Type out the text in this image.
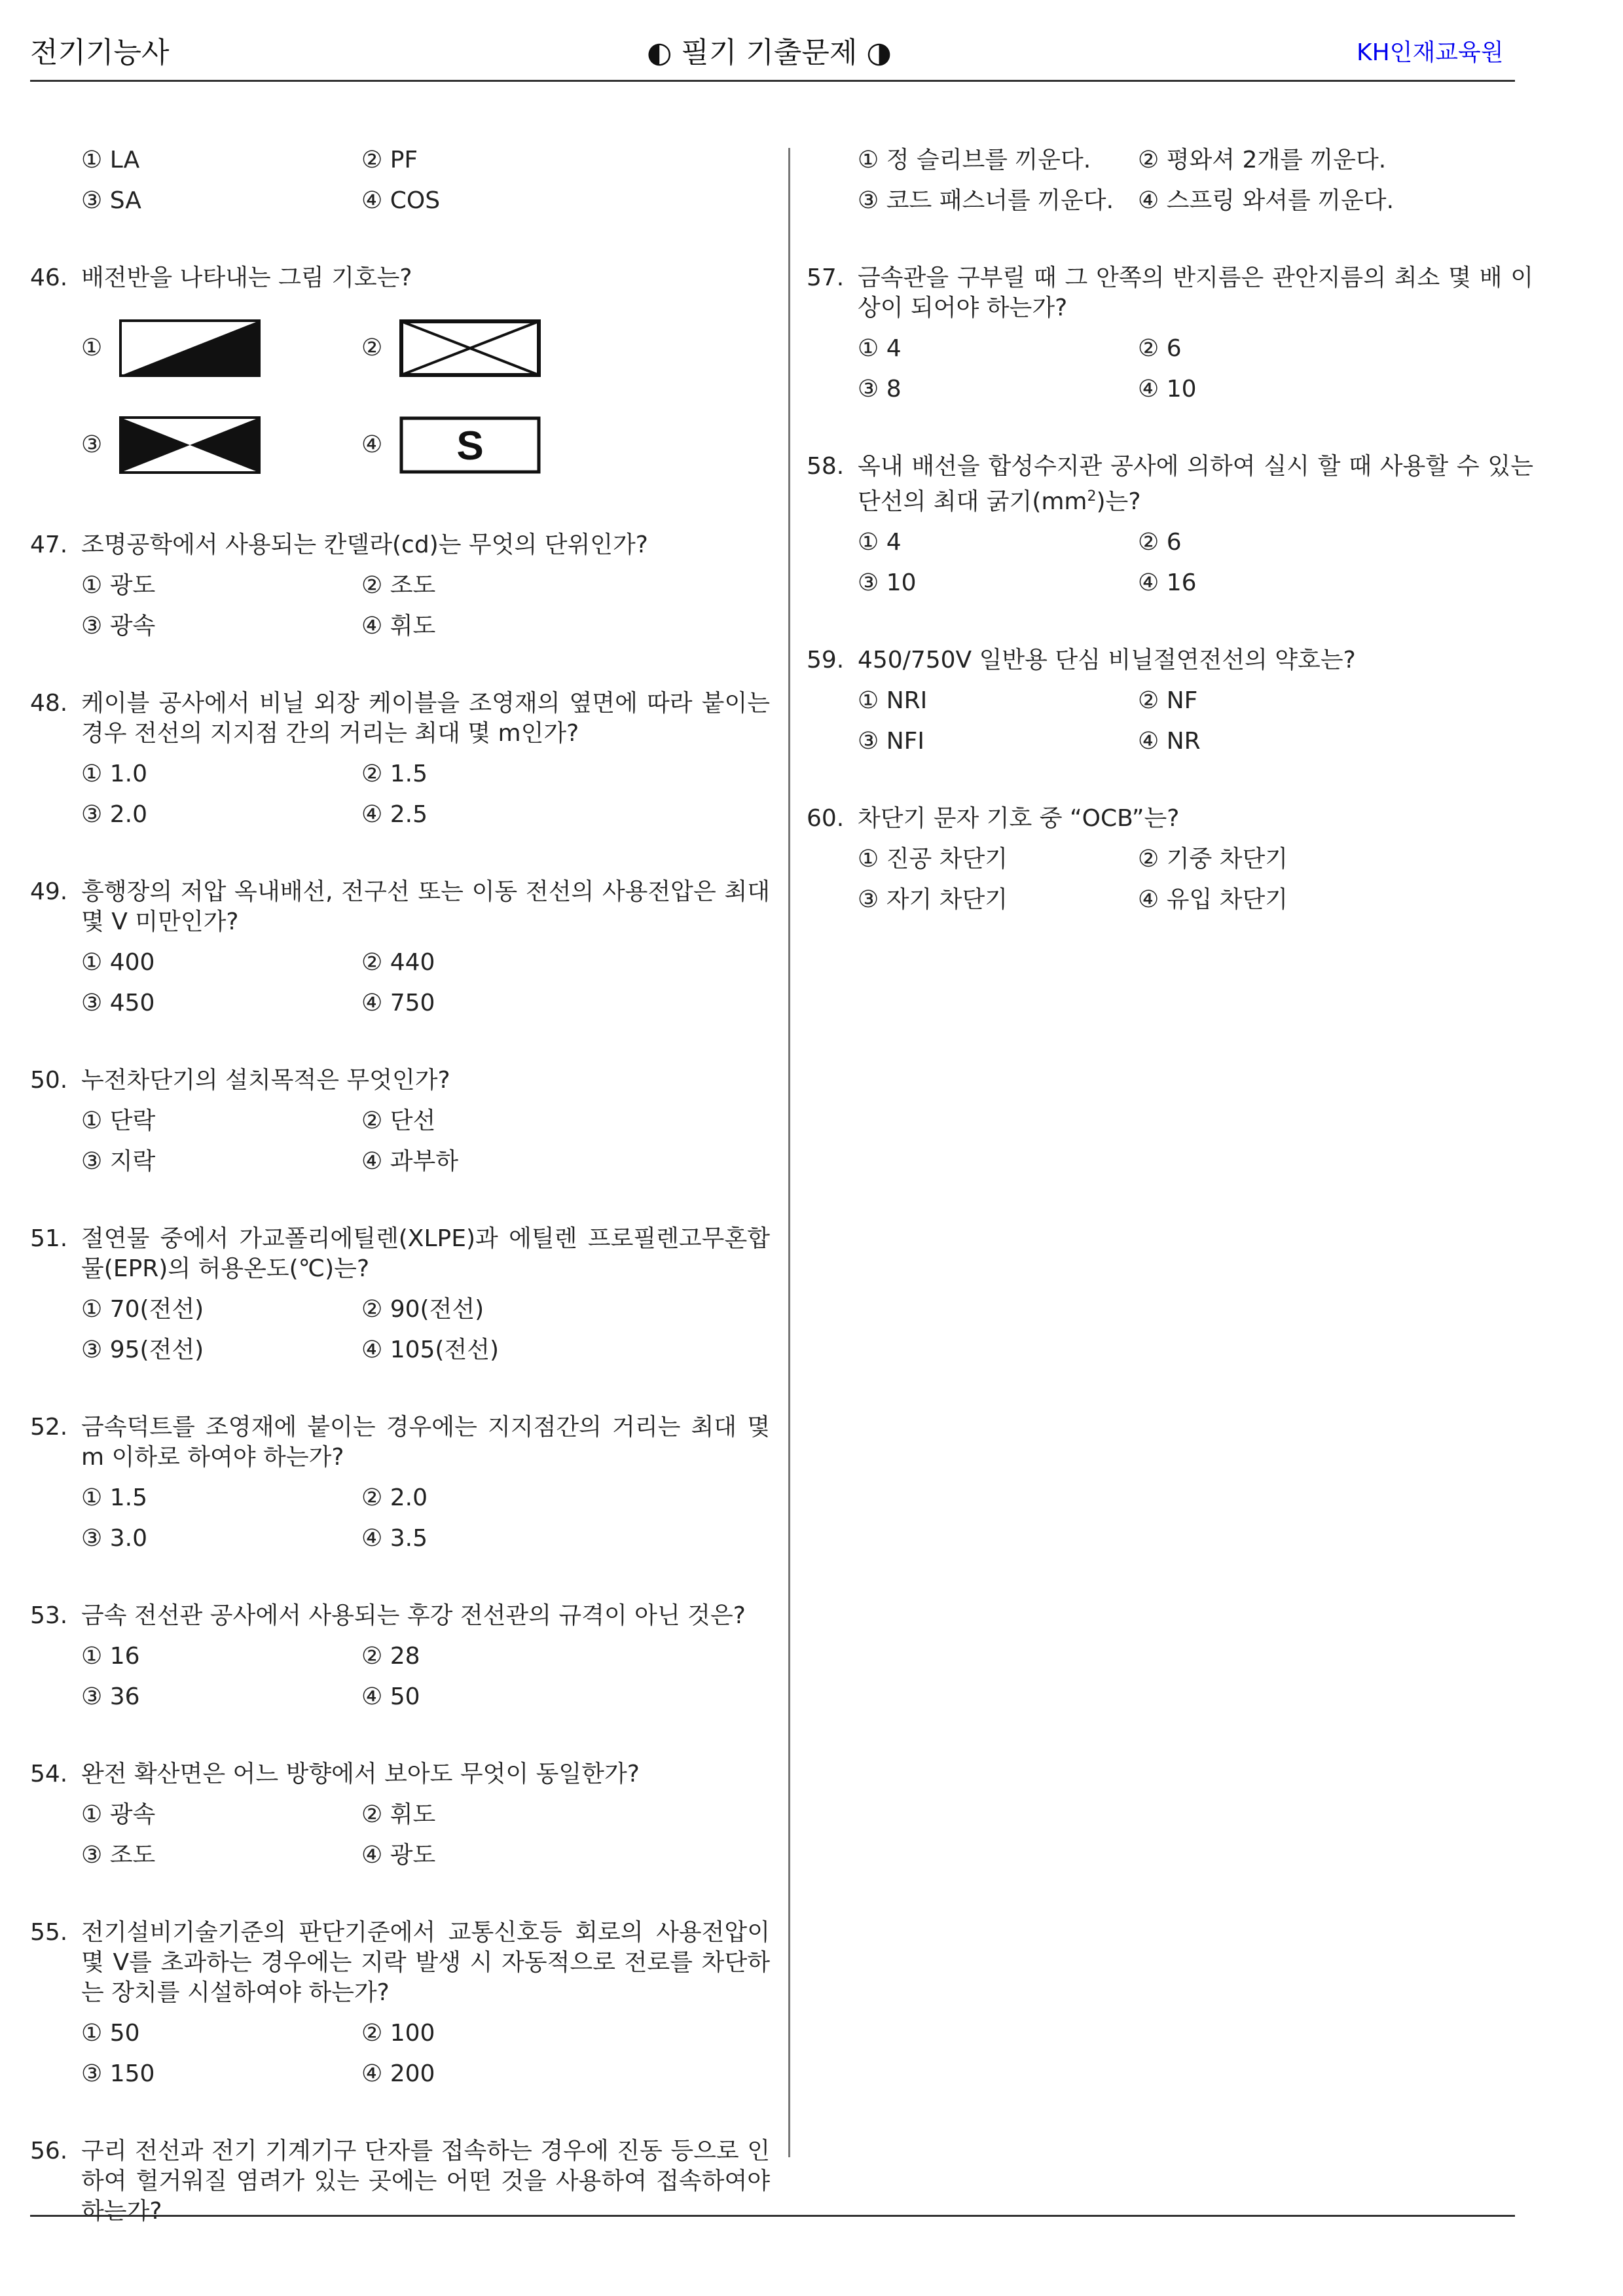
전기기능사	◐ 필기 기출문제 ◑	KH인재교육원
① LA	② PF
③ SA	④ COS
46. 배전반을 나타내는 그림 기호는?
①	②
③	④	S
47. 조명공학에서 사용되는 칸델라(cd)는 무엇의 단위인가?
① 광도	② 조도
③ 광속	④ 휘도
48. 케이블 공사에서 비닐 외장 케이블을 조영재의 옆면에 따라 붙이는 경우 전선의 지지점 간의 거리는 최대 몇 m인가?
① 1.0	② 1.5
③ 2.0	④ 2.5
49. 흥행장의 저압 옥내배선, 전구선 또는 이동 전선의 사용전압은 최대 몇 V 미만인가?
① 400	② 440
③ 450	④ 750
50. 누전차단기의 설치목적은 무엇인가?
① 단락	② 단선
③ 지락	④ 과부하
51. 절연물 중에서 가교폴리에틸렌(XLPE)과 에틸렌 프로필렌고무혼합물(EPR)의 허용온도(℃)는?
① 70(전선)	② 90(전선)
③ 95(전선)	④ 105(전선)
52. 금속덕트를 조영재에 붙이는 경우에는 지지점간의 거리는 최대 몇 m 이하로 하여야 하는가?
① 1.5	② 2.0
③ 3.0	④ 3.5
53. 금속 전선관 공사에서 사용되는 후강 전선관의 규격이 아닌 것은?
① 16	② 28
③ 36	④ 50
54. 완전 확산면은 어느 방향에서 보아도 무엇이 동일한가?
① 광속	② 휘도
③ 조도	④ 광도
55. 전기설비기술기준의 판단기준에서 교통신호등 회로의 사용전압이 몇 V를 초과하는 경우에는 지락 발생 시 자동적으로 전로를 차단하는 장치를 시설하여야 하는가?
① 50	② 100
③ 150	④ 200
56. 구리 전선과 전기 기계기구 단자를 접속하는 경우에 진동 등으로 인하여 헐거워질 염려가 있는 곳에는 어떤 것을 사용하여 접속하여야 하는가?
① 정 슬리브를 끼운다.	② 평와셔 2개를 끼운다.
③ 코드 패스너를 끼운다.	④ 스프링 와셔를 끼운다.
57. 금속관을 구부릴 때 그 안쪽의 반지름은 관안지름의 최소 몇 배 이상이 되어야 하는가?
① 4	② 6
③ 8	④ 10
58. 옥내 배선을 합성수지관 공사에 의하여 실시 할 때 사용할 수 있는 단선의 최대 굵기$(mm^2)$는?
① 4	② 6
③ 10	④ 16
59. 450/750V 일반용 단심 비닐절연전선의 약호는?
① NRI	② NF
③ NFI	④ NR
60. 차단기 문자 기호 중 “OCB”는?
① 진공 차단기	② 기중 차단기
③ 자기 차단기	④ 유입 차단기
